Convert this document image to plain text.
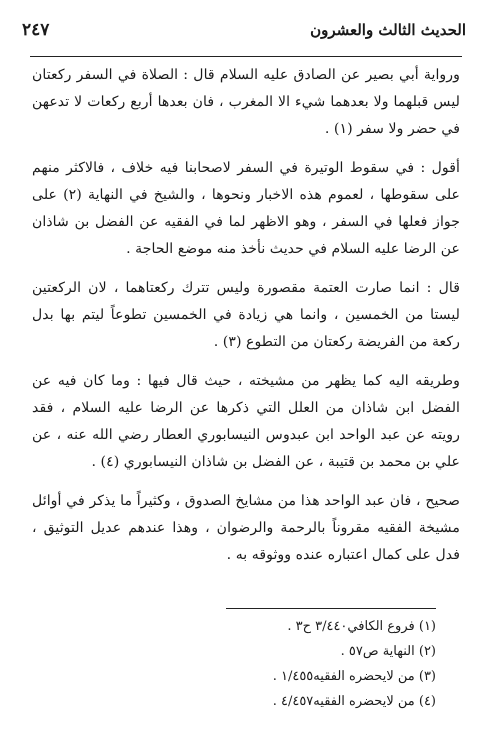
الحديث الثالث والعشرون
٢٤٧

ورواية أبي بصير عن الصادق عليه السلام قال : الصلاة في السفر ركعتان ليس قبلهما ولا بعدهما شيء الا المغرب ، فان بعدها أربع ركعات لا تدعهن في حضر ولا سفر (١) .

أقول : في سقوط الوتيرة في السفر لاصحابنا فيه خلاف ، فالاكثر منهم على سقوطها ، لعموم هذه الاخبار ونحوها ، والشيخ في النهاية (٢) على جواز فعلها في السفر ، وهو الاظهر لما في الفقيه عن الفضل بن شاذان عن الرضا عليه السلام في حديث نأخذ منه موضع الحاجة .

قال : انما صارت العتمة مقصورة وليس تترك ركعتاهما ، لان الركعتين ليستا من الخمسين ، وانما هي زيادة في الخمسين تطوعاً ليتم بها بدل ركعة من الفريضة ركعتان من التطوع (٣) .

وطريقه اليه كما يظهر من مشيخته ، حيث قال فيها : وما كان فيه عن الفضل ابن شاذان من العلل التي ذكرها عن الرضا عليه السلام ، فقد رويته عن عبد الواحد ابن عبدوس النيسابوري العطار رضي الله عنه ، عن علي بن محمد بن قتيبة ، عن الفضل بن شاذان النيسابوري (٤) .

صحيح ، فان عبد الواحد هذا من مشايخ الصدوق ، وكثيراً ما يذكر في أوائل مشيخة الفقيه مقروناً بالرحمة والرضوان ، وهذا عندهم عديل التوثيق ، فدل على كمال اعتباره عنده ووثوقه به .

(١) فروع الكافي٣/٤٤٠ ح٣ .
(٢) النهاية ص٥٧ .
(٣) من لايحضره الفقيه١/٤٥٥ .
(٤) من لايحضره الفقيه٤/٤٥٧ .
